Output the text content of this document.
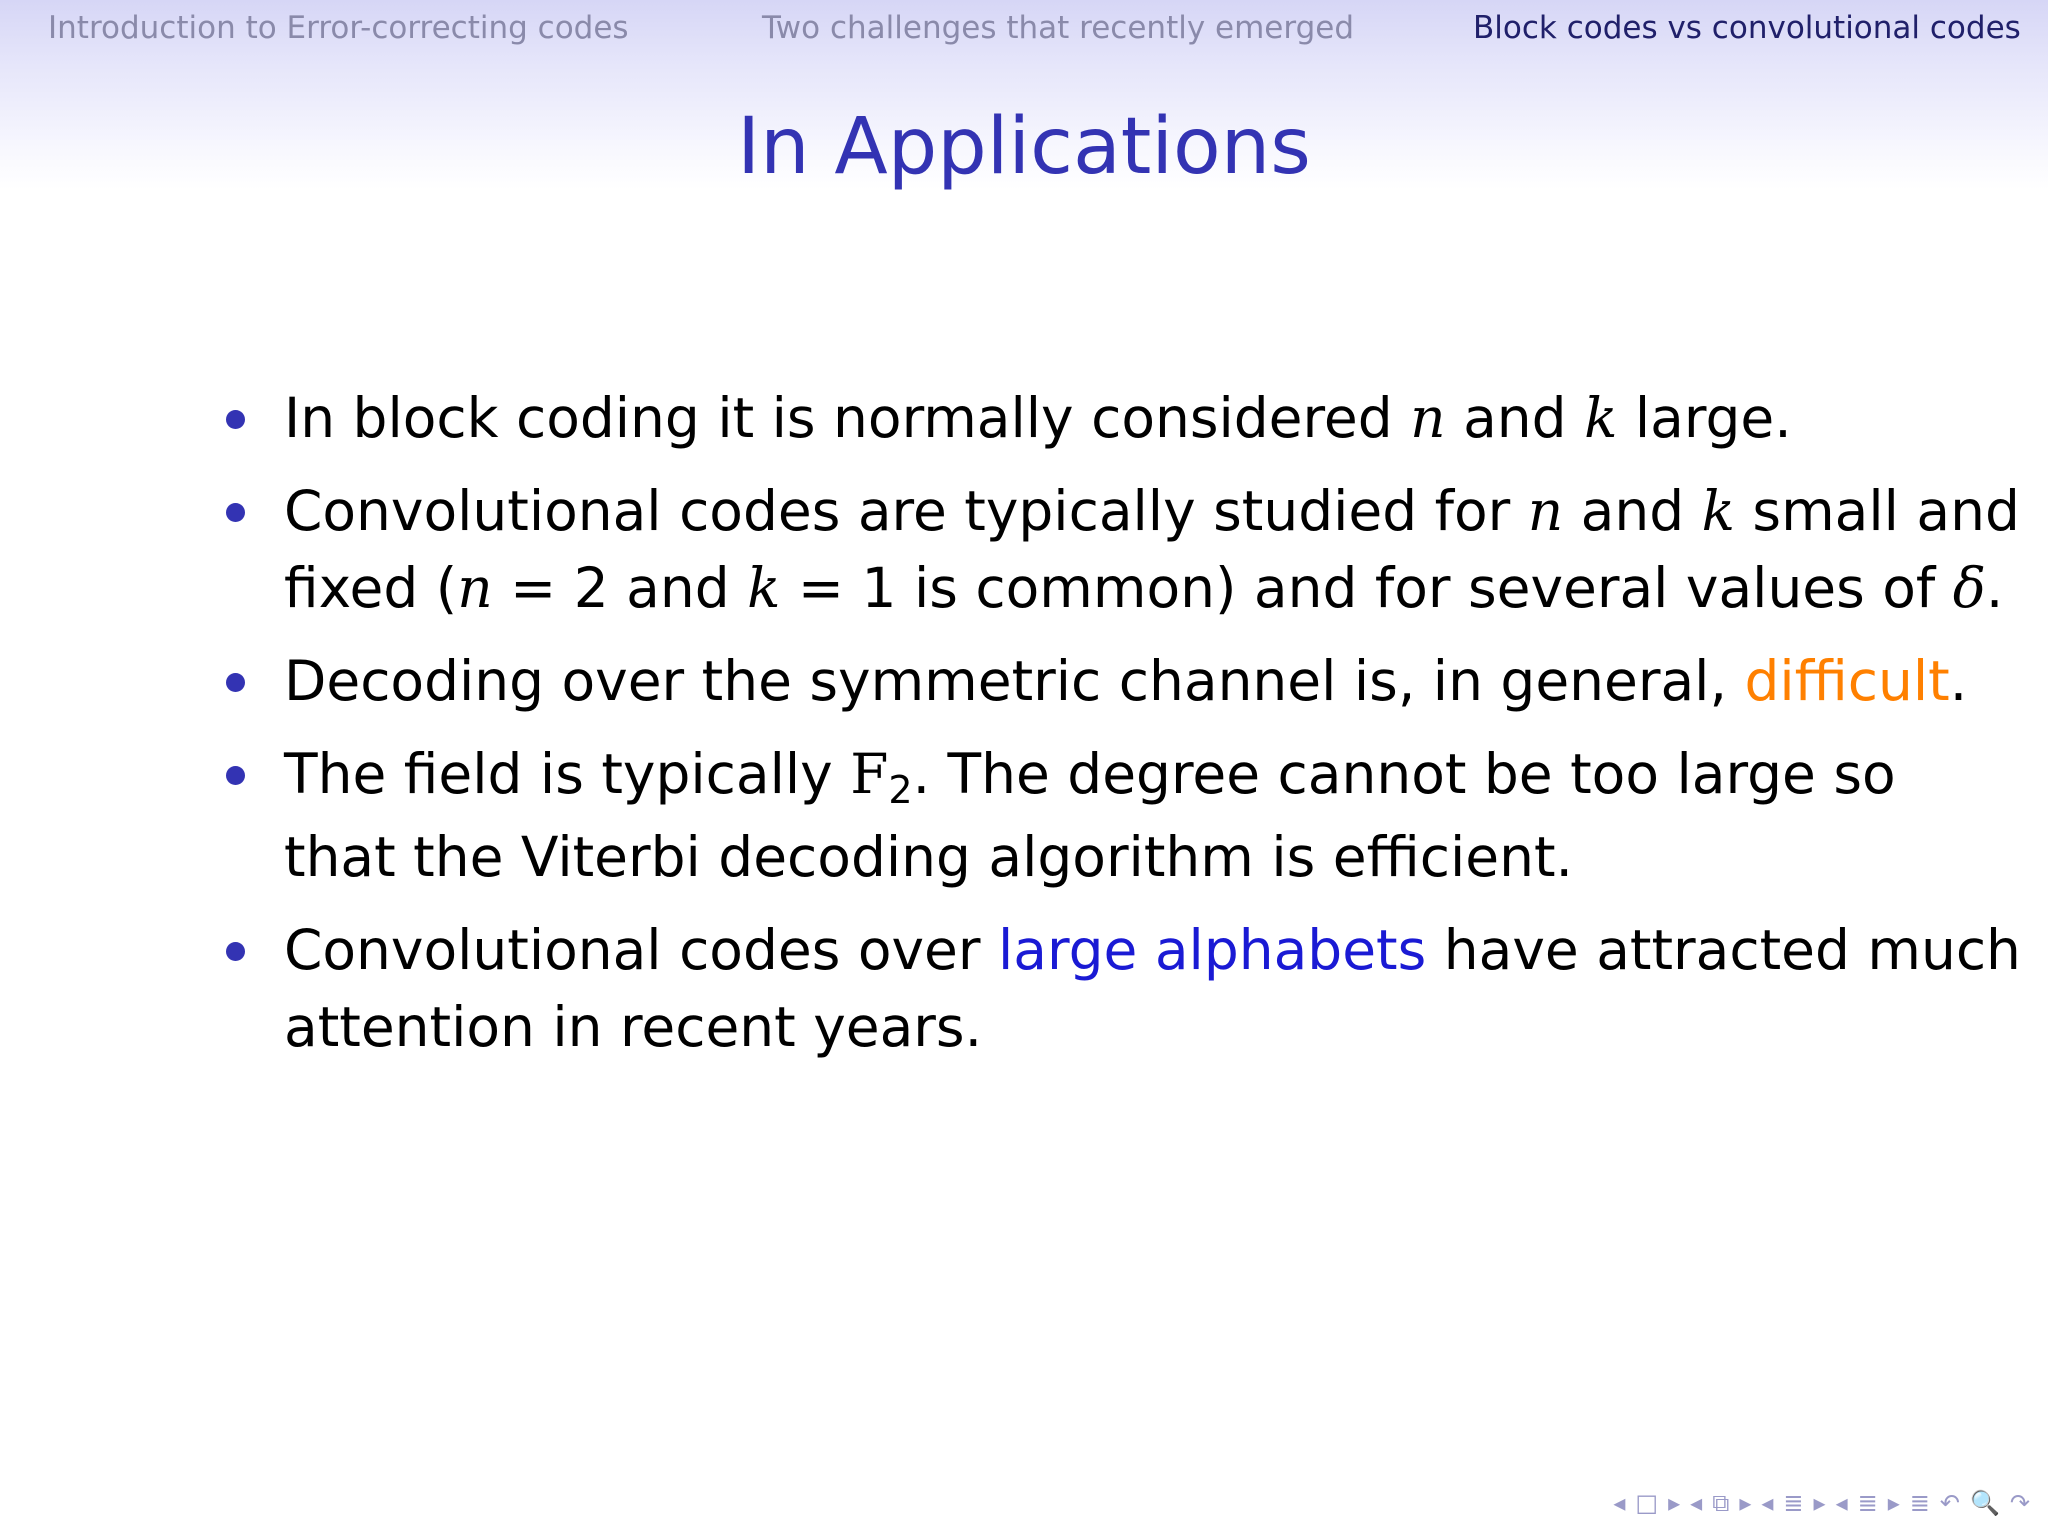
Introduction to Error-correcting codes	Two challenges that recently emerged	Block codes vs convolutional codes
In Applications
In block coding it is normally considered n and k large.
Convolutional codes are typically studied for n and k small and
fixed (n = 2 and k = 1 is common) and for several values of δ.
Decoding over the symmetric channel is, in general, difficult.
The field is typically F2. The degree cannot be too large so
that the Viterbi decoding algorithm is efficient.
Convolutional codes over large alphabets have attracted much
attention in recent years.
◂ □ ▸ ◂ ⧉ ▸ ◂ ≣ ▸ ◂ ≣ ▸ ≣ ↶ 🔍 ↷
